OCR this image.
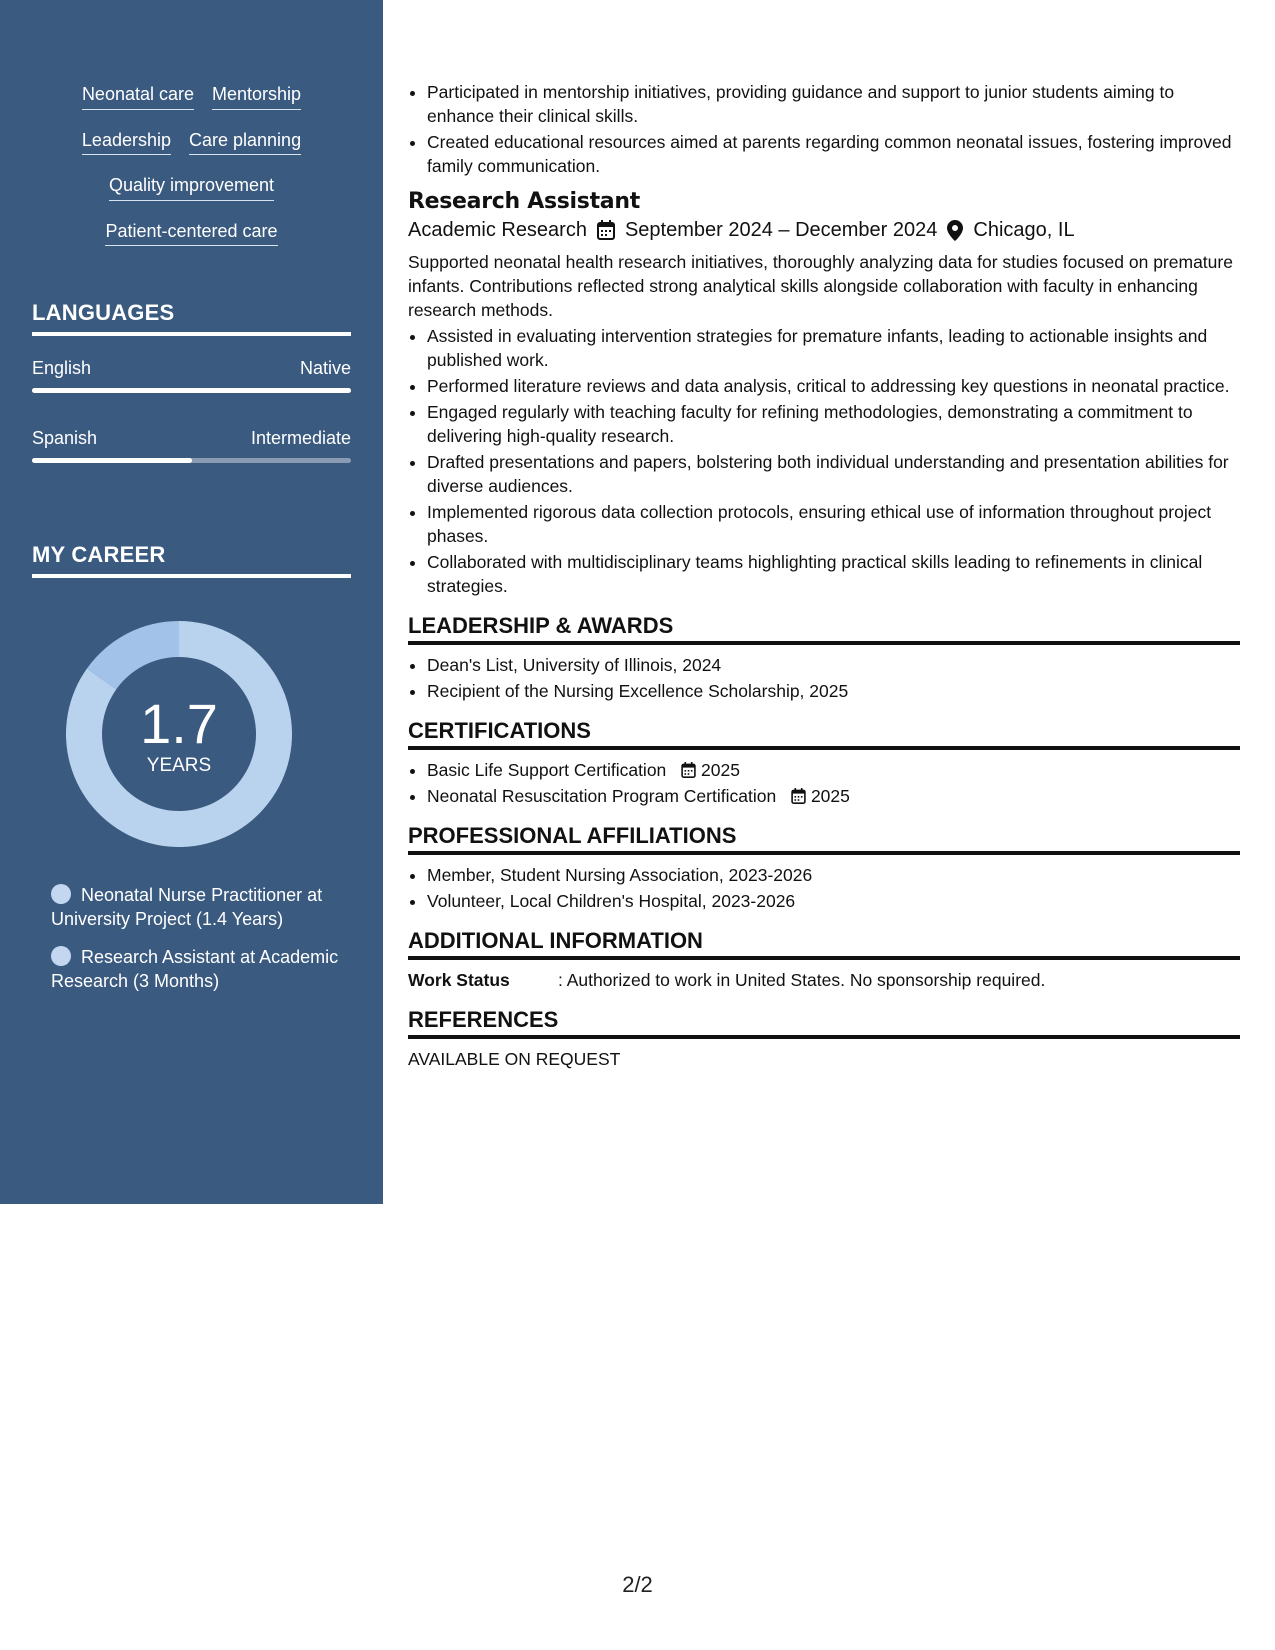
Neonatal care Mentorship
Leadership Care planning
Quality improvement
Patient-centered care
LANGUAGES
English	Native
Spanish	Intermediate
MY CAREER
1.7
YEARS
Neonatal Nurse Practitioner at University Project (1.4 Years)
Research Assistant at Academic Research (3 Months)
• Participated in mentorship initiatives, providing guidance and support to junior students aiming to enhance their clinical skills.
• Created educational resources aimed at parents regarding common neonatal issues, fostering improved family communication.
Research Assistant
Academic Research September 2024 – December 2024 Chicago, IL
Supported neonatal health research initiatives, thoroughly analyzing data for studies focused on premature infants. Contributions reflected strong analytical skills alongside collaboration with faculty in enhancing research methods.
• Assisted in evaluating intervention strategies for premature infants, leading to actionable insights and published work.
• Performed literature reviews and data analysis, critical to addressing key questions in neonatal practice.
• Engaged regularly with teaching faculty for refining methodologies, demonstrating a commitment to delivering high-quality research.
• Drafted presentations and papers, bolstering both individual understanding and presentation abilities for diverse audiences.
• Implemented rigorous data collection protocols, ensuring ethical use of information throughout project phases.
• Collaborated with multidisciplinary teams highlighting practical skills leading to refinements in clinical strategies.
LEADERSHIP & AWARDS
• Dean's List, University of Illinois, 2024
• Recipient of the Nursing Excellence Scholarship, 2025
CERTIFICATIONS
• Basic Life Support Certification 2025
• Neonatal Resuscitation Program Certification 2025
PROFESSIONAL AFFILIATIONS
• Member, Student Nursing Association, 2023-2026
• Volunteer, Local Children's Hospital, 2023-2026
ADDITIONAL INFORMATION
Work Status	: Authorized to work in United States. No sponsorship required.
REFERENCES
AVAILABLE ON REQUEST
2/2
